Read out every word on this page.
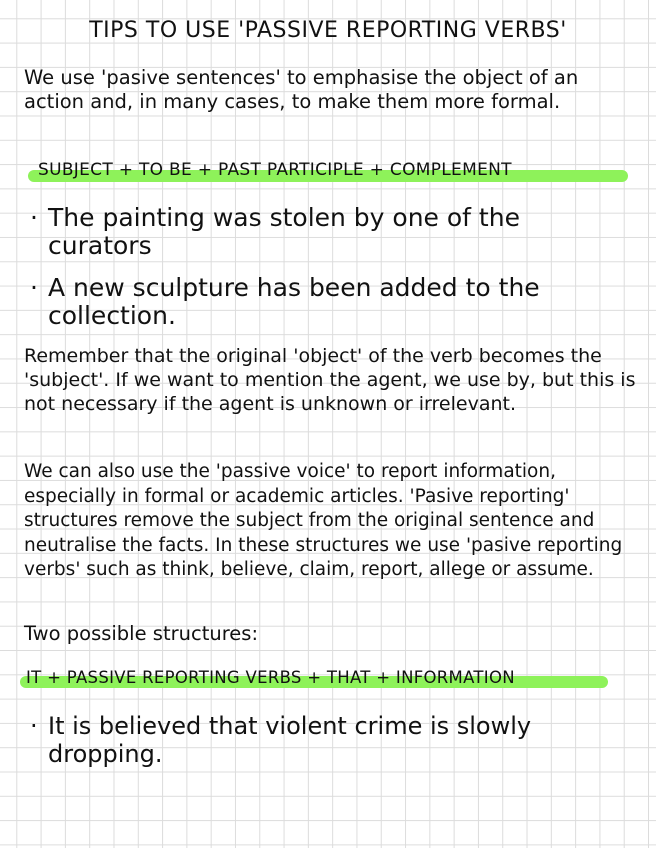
TIPS TO USE 'PASSIVE REPORTING VERBS'

We use 'pasive sentences' to emphasise the object of an action and, in many cases, to make them more formal.

SUBJECT + TO BE + PAST PARTICIPLE + COMPLEMENT
· The painting was stolen by one of the curators
· A new sculpture has been added to the collection.

Remember that the original 'object' of the verb becomes the 'subject'. If we want to mention the agent, we use by, but this is not necessary if the agent is unknown or irrelevant.

We can also use the 'passive voice' to report information, especially in formal or academic articles. 'Pasive reporting' structures remove the subject from the original sentence and neutralise the facts. In these structures we use 'pasive reporting verbs' such as think, believe, claim, report, allege or assume.

Two possible structures:

IT + PASSIVE REPORTING VERBS + THAT + INFORMATION
· It is believed that violent crime is slowly dropping.
